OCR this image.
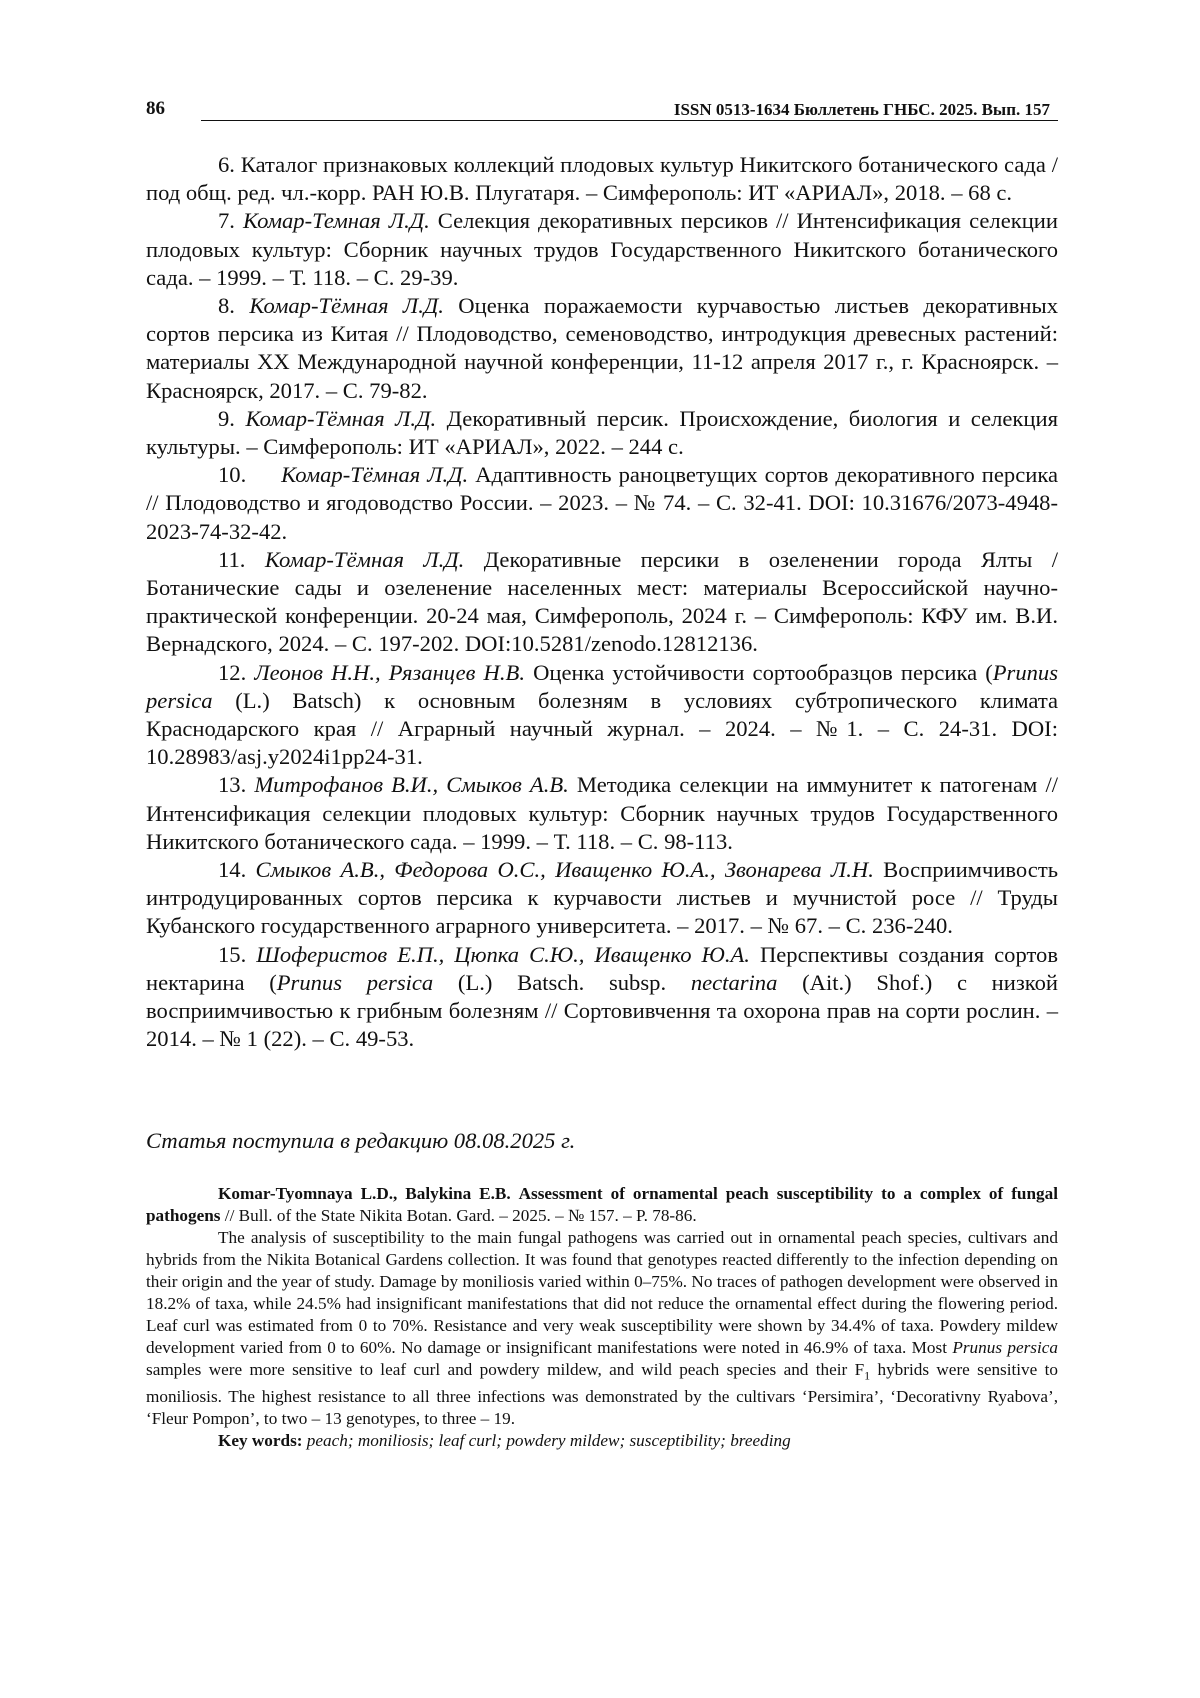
86	ISSN 0513-1634 Бюллетень ГНБС. 2025. Вып. 157

6. Каталог признаковых коллекций плодовых культур Никитского ботанического сада / под общ. ред. чл.-корр. РАН Ю.В. Плугатаря. – Симферополь: ИТ «АРИАЛ», 2018. – 68 с.

7. Комар-Темная Л.Д. Селекция декоративных персиков // Интенсификация селекции плодовых культур: Сборник научных трудов Государственного Никитского ботанического сада. – 1999. – Т. 118. – С. 29-39.

8. Комар-Тёмная Л.Д. Оценка поражаемости курчавостью листьев декоративных сортов персика из Китая // Плодоводство, семеноводство, интродукция древесных растений: материалы XX Международной научной конференции, 11-12 апреля 2017 г., г. Красноярск. – Красноярск, 2017. – С. 79-82.

9. Комар-Тёмная Л.Д. Декоративный персик. Происхождение, биология и селекция культуры. – Симферополь: ИТ «АРИАЛ», 2022. – 244 с.

10. Комар-Тёмная Л.Д. Адаптивность раноцветущих сортов декоративного персика // Плодоводство и ягодоводство России. – 2023. – № 74. – С. 32-41. DOI: 10.31676/2073-4948-2023-74-32-42.

11. Комар-Тёмная Л.Д. Декоративные персики в озеленении города Ялты / Ботанические сады и озеленение населенных мест: материалы Всероссийской научно-практической конференции. 20-24 мая, Симферополь, 2024 г. – Симферополь: КФУ им. В.И. Вернадского, 2024. – С. 197-202. DOI:10.5281/zenodo.12812136.

12. Леонов Н.Н., Рязанцев Н.В. Оценка устойчивости сортообразцов персика (Prunus persica (L.) Batsch) к основным болезням в условиях субтропического климата Краснодарского края // Аграрный научный журнал. – 2024. – №1. – С. 24-31. DOI: 10.28983/asj.y2024i1pp24-31.

13. Митрофанов В.И., Смыков А.В. Методика селекции на иммунитет к патогенам // Интенсификация селекции плодовых культур: Сборник научных трудов Государственного Никитского ботанического сада. – 1999. – Т. 118. – С. 98-113.

14. Смыков А.В., Федорова О.С., Иващенко Ю.А., Звонарева Л.Н. Восприимчивость интродуцированных сортов персика к курчавости листьев и мучнистой росе // Труды Кубанского государственного аграрного университета. – 2017. – № 67. – С. 236-240.

15. Шоферистов Е.П., Цюпка С.Ю., Иващенко Ю.А. Перспективы создания сортов нектарина (Prunus persica (L.) Batsch. subsp. nectarina (Ait.) Shof.) с низкой восприимчивостью к грибным болезням // Сортовивчення та охорона прав на сорти рослин. – 2014. – № 1 (22). – С. 49-53.

Статья поступила в редакцию 08.08.2025 г.

Komar-Tyomnaya L.D., Balykina E.B. Assessment of ornamental peach susceptibility to a complex of fungal pathogens // Bull. of the State Nikita Botan. Gard. – 2025. – № 157. – P. 78-86.

The analysis of susceptibility to the main fungal pathogens was carried out in ornamental peach species, cultivars and hybrids from the Nikita Botanical Gardens collection. It was found that genotypes reacted differently to the infection depending on their origin and the year of study. Damage by moniliosis varied within 0–75%. No traces of pathogen development were observed in 18.2% of taxa, while 24.5% had insignificant manifestations that did not reduce the ornamental effect during the flowering period. Leaf curl was estimated from 0 to 70%. Resistance and very weak susceptibility were shown by 34.4% of taxa. Powdery mildew development varied from 0 to 60%. No damage or insignificant manifestations were noted in 46.9% of taxa. Most Prunus persica samples were more sensitive to leaf curl and powdery mildew, and wild peach species and their $F_1$ hybrids were sensitive to moniliosis. The highest resistance to all three infections was demonstrated by the cultivars ‘Persimira’, ‘Decorativny Ryabova’, ‘Fleur Pompon’, to two – 13 genotypes, to three – 19.

Key words: peach; moniliosis; leaf curl; powdery mildew; susceptibility; breeding
